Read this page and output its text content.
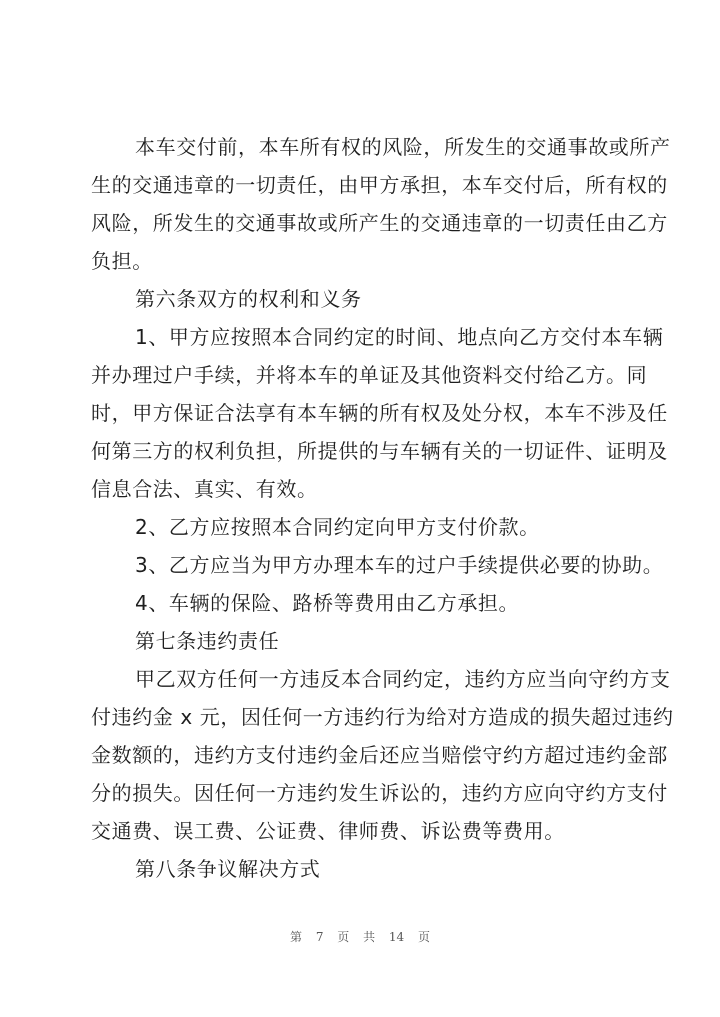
本车交付前，本车所有权的风险，所发生的交通事故或所产
生的交通违章的一切责任，由甲方承担，本车交付后，所有权的
风险，所发生的交通事故或所产生的交通违章的一切责任由乙方
负担。
第六条双方的权利和义务
1、甲方应按照本合同约定的时间、地点向乙方交付本车辆
并办理过户手续，并将本车的单证及其他资料交付给乙方。同
时，甲方保证合法享有本车辆的所有权及处分权，本车不涉及任
何第三方的权利负担，所提供的与车辆有关的一切证件、证明及
信息合法、真实、有效。
2、乙方应按照本合同约定向甲方支付价款。
3、乙方应当为甲方办理本车的过户手续提供必要的协助。
4、车辆的保险、路桥等费用由乙方承担。
第七条违约责任
甲乙双方任何一方违反本合同约定，违约方应当向守约方支
付违约金 x 元，因任何一方违约行为给对方造成的损失超过违约
金数额的，违约方支付违约金后还应当赔偿守约方超过违约金部
分的损失。因任何一方违约发生诉讼的，违约方应向守约方支付
交通费、误工费、公证费、律师费、诉讼费等费用。
第八条争议解决方式
第 7 页 共 14 页
